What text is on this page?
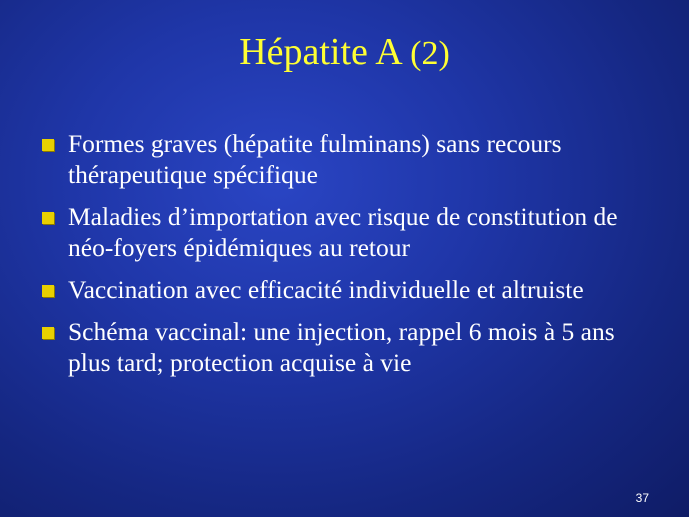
Hépatite A (2)
Formes graves (hépatite fulminans) sans recours thérapeutique spécifique
Maladies d’importation avec risque de constitution de néo-foyers épidémiques au retour
Vaccination avec efficacité individuelle et altruiste
Schéma vaccinal: une injection, rappel 6 mois à 5 ans plus tard; protection acquise à vie
37
